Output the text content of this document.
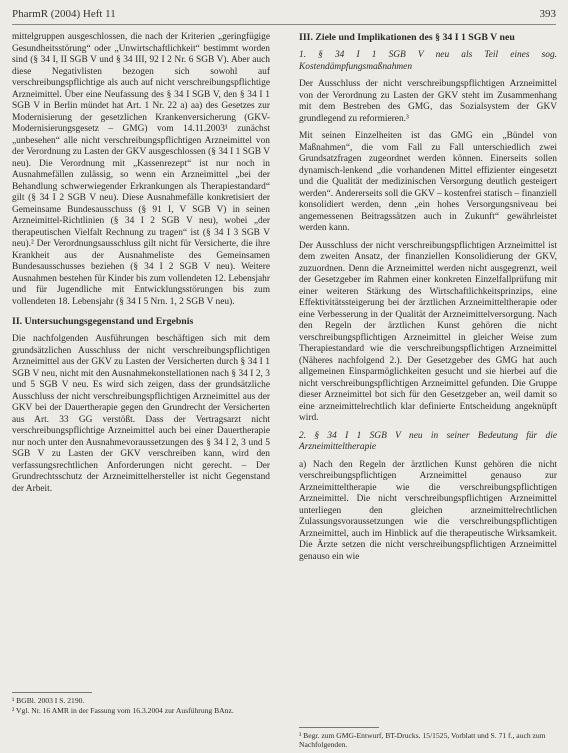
PharmR (2004) Heft 11	393

mittelgruppen ausgeschlossen, die nach der Kriterien „geringfügige Gesundheitsstörung“ oder „Unwirtschaftlichkeit“ bestimmt worden sind (§ 34 I, II SGB V und § 34 III, 92 I 2 Nr. 6 SGB V). Aber auch diese Negativlisten bezogen sich sowohl auf verschreibungspflichtige als auch auf nicht verschreibungspflichtige Arzneimittel. Über eine Neufassung des § 34 I SGB V, den § 34 I 1 SGB V in Berlin mündet hat Art. 1 Nr. 22 a) aa) des Gesetzes zur Modernisierung der gesetzlichen Krankenversicherung (GKV-Modernisierungsgesetz – GMG) vom 14.11.2003¹ zunächst „unbesehen“ alle nicht verschreibungspflichtigen Arzneimittel von der Verordnung zu Lasten der GKV ausgeschlossen (§ 34 I 1 SGB V neu). Die Verordnung mit „Kassenrezept“ ist nur noch in Ausnahmefällen zulässig, so wenn ein Arzneimittel „bei der Behandlung schwerwiegender Erkrankungen als Therapiestandard“ gilt (§ 34 I 2 SGB V neu). Diese Ausnahmefälle konkretisiert der Gemeinsame Bundesausschuss (§ 91 I, V SGB V) in seinen Arzneimittel-Richtlinien (§ 34 I 2 SGB V neu), wobei „der therapeutischen Vielfalt Rechnung zu tragen“ ist (§ 34 I 3 SGB V neu).² Der Verordnungsausschluss gilt nicht für Versicherte, die ihre Krankheit aus der Ausnahmeliste des Gemeinsamen Bundesausschusses beziehen (§ 34 I 2 SGB V neu). Weitere Ausnahmen bestehen für Kinder bis zum vollendeten 12. Lebensjahr und für Jugendliche mit Entwicklungsstörungen bis zum vollendeten 18. Lebensjahr (§ 34 I 5 Nrn. 1, 2 SGB V neu).

II. Untersuchungsgegenstand und Ergebnis

Die nachfolgenden Ausführungen beschäftigen sich mit dem grundsätzlichen Ausschluss der nicht verschreibungspflichtigen Arzneimittel aus der GKV zu Lasten der Versicherten durch § 34 I 1 SGB V neu, nicht mit den Ausnahmekonstellationen nach § 34 I 2, 3 und 5 SGB V neu. Es wird sich zeigen, dass der grundsätzliche Ausschluss der nicht verschreibungspflichtigen Arzneimittel aus der GKV bei der Dauertherapie gegen den Grundrecht der Versicherten aus Art. 33 GG verstößt. Dass der Vertragsarzt nicht verschreibungspflichtige Arzneimittel auch bei einer Dauertherapie nur noch unter den Ausnahmevoraussetzungen des § 34 I 2, 3 und 5 SGB V zu Lasten der GKV verschreiben kann, wird den verfassungsrechtlichen Anforderungen nicht gerecht. – Der Grundrechtsschutz der Arzneimittelhersteller ist nicht Gegenstand der Arbeit.

¹ BGBl. 2003 I S. 2190.

² Vgl. Nr. 16 AMR in der Fassung vom 16.3.2004 zur Ausführung BAnz.

III. Ziele und Implikationen des § 34 I 1 SGB V neu
1. § 34 I 1 SGB V neu als Teil eines sog. Kostendämpfungsmaßnahmen

Der Ausschluss der nicht verschreibungspflichtigen Arzneimittel von der Verordnung zu Lasten der GKV steht im Zusammenhang mit dem Bestreben des GMG, das Sozialsystem der GKV grundlegend zu reformieren.³

Mit seinen Einzelheiten ist das GMG ein „Bündel von Maßnahmen“, die vom Fall zu Fall unterschiedlich zwei Grundsatzfragen zugeordnet werden können. Einerseits sollen dynamisch-lenkend „die vorhandenen Mittel effizienter eingesetzt und die Qualität der medizinischen Versorgung deutlich gesteigert werden“. Andererseits soll die GKV – kostenfrei statisch – finanziell konsolidiert werden, denn „ein hohes Versorgungsniveau bei angemessenen Beitragssätzen auch in Zukunft“ gewährleistet werden kann.

Der Ausschluss der nicht verschreibungspflichtigen Arzneimittel ist dem zweiten Ansatz, der finanziellen Konsolidierung der GKV, zuzuordnen. Denn die Arzneimittel werden nicht ausgegrenzt, weil der Gesetzgeber im Rahmen einer konkreten Einzelfallprüfung mit einer weiteren Stärkung des Wirtschaftlichkeitsprinzips, eine Effektivitätssteigerung bei der ärztlichen Arzneimitteltherapie oder eine Verbesserung in der Qualität der Arzneimittelversorgung. Nach den Regeln der ärztlichen Kunst gehören die nicht verschreibungspflichtigen Arzneimittel in gleicher Weise zum Therapiestandard wie die verschreibungspflichtigen Arzneimittel (Näheres nachfolgend 2.). Der Gesetzgeber des GMG hat auch allgemeinen Einsparmöglichkeiten gesucht und sie hierbei auf die nicht verschreibungspflichtigen Arzneimittel gefunden. Die Gruppe dieser Arzneimittel bot sich für den Gesetzgeber an, weil damit so eine arzneimittelrechtlich klar definierte Entscheidung angeknüpft wird.

2. § 34 I 1 SGB V neu in seiner Bedeutung für die Arzneimitteltherapie

a) Nach den Regeln der ärztlichen Kunst gehören die nicht verschreibungspflichtigen Arzneimittel genauso zur Arzneimitteltherapie wie die verschreibungspflichtigen Arzneimittel. Die nicht verschreibungspflichtigen Arzneimittel unterliegen den gleichen arzneimittelrechtlichen Zulassungsvoraussetzungen wie die verschreibungspflichtigen Arzneimittel, auch im Hinblick auf die therapeutische Wirksamkeit. Die Ärzte setzen die nicht verschreibungspflichtigen Arzneimittel genauso ein wie

³ Begr. zum GMG-Entwurf, BT-Drucks. 15/1525, Vorblatt und S. 71 f., auch zum Nachfolgenden.
